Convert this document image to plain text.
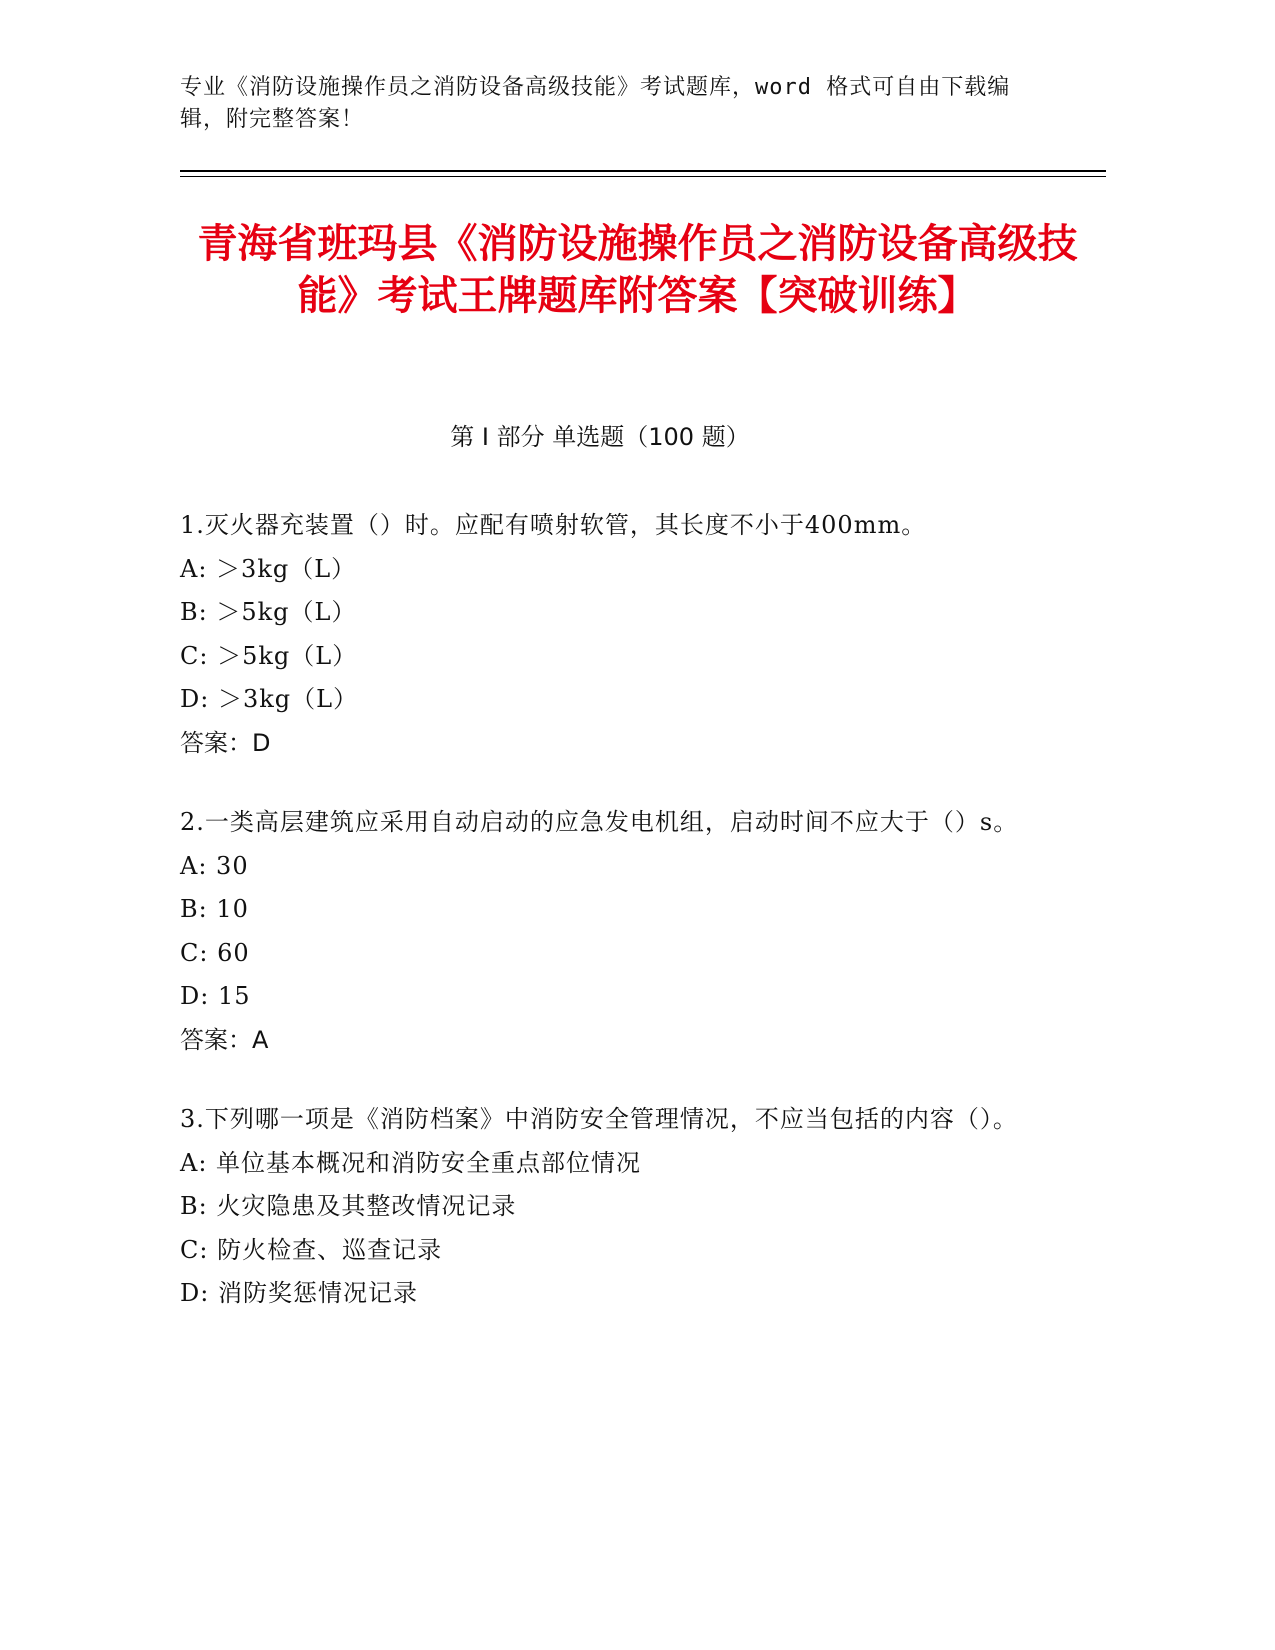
专业《消防设施操作员之消防设备高级技能》考试题库，word 格式可自由下载编辑，附完整答案！
青海省班玛县《消防设施操作员之消防设备高级技能》考试王牌题库附答案【突破训练】
第 I 部分 单选题（100 题）

1.灭火器充装置（）时。应配有喷射软管，其长度不小于400mm。

A: ＞3kg（L）

B: ＞5kg（L）

C: ＞5kg（L）

D: ＞3kg（L）

答案：D

2.一类高层建筑应采用自动启动的应急发电机组，启动时间不应大于（）s。

A: 30

B: 10

C: 60

D: 15

答案：A

3.下列哪一项是《消防档案》中消防安全管理情况，不应当包括的内容（）。

A: 单位基本概况和消防安全重点部位情况

B: 火灾隐患及其整改情况记录

C: 防火检查、巡查记录

D: 消防奖惩情况记录
